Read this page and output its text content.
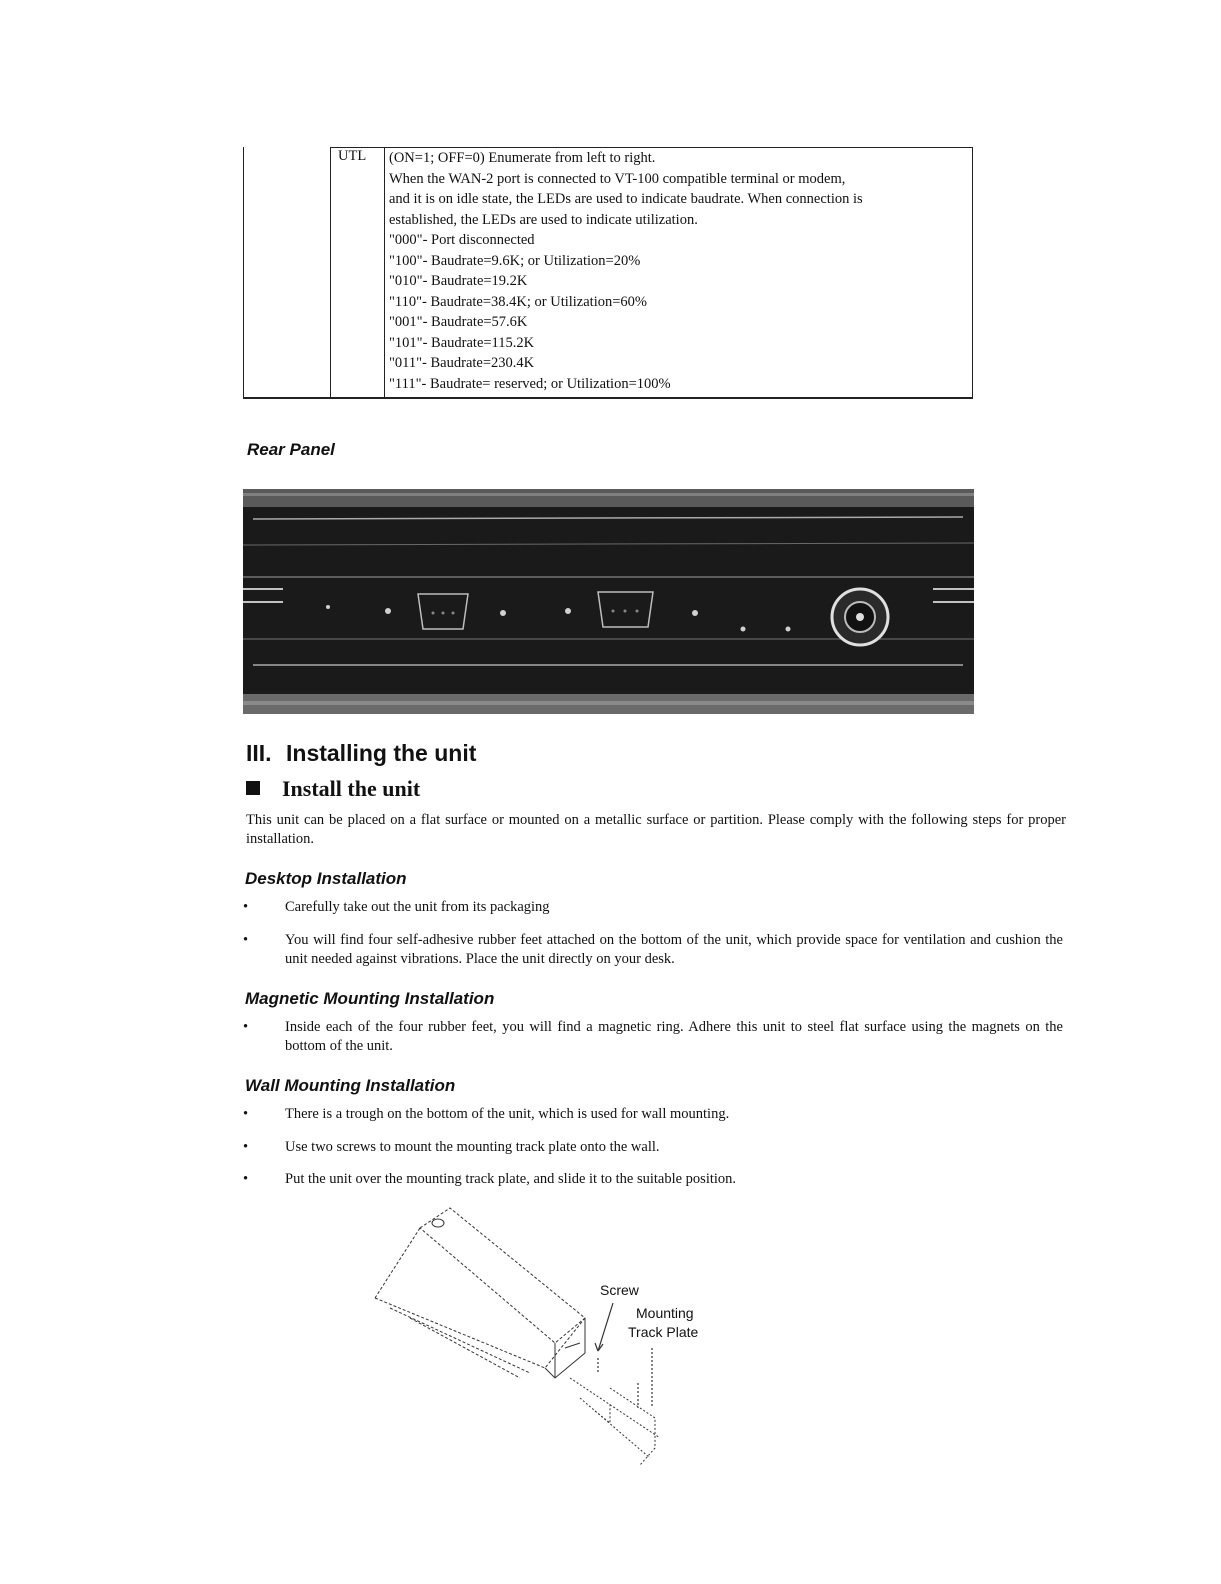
UTL (ON=1; OFF=0) Enumerate from left to right.
When the WAN-2 port is connected to VT-100 compatible terminal or modem,
and it is on idle state, the LEDs are used to indicate baudrate. When connection is
established, the LEDs are used to indicate utilization.
"000"- Port disconnected
"100"- Baudrate=9.6K; or Utilization=20%
"010"- Baudrate=19.2K
"110"- Baudrate=38.4K; or Utilization=60%
"001"- Baudrate=57.6K
"101"- Baudrate=115.2K
"011"- Baudrate=230.4K
"111"- Baudrate= reserved; or Utilization=100%
Rear Panel
III. Installing the unit
Install the unit
This unit can be placed on a flat surface or mounted on a metallic surface or partition. Please comply with the following steps for proper installation.
Desktop Installation
•	Carefully take out the unit from its packaging
•	You will find four self-adhesive rubber feet attached on the bottom of the unit, which provide space for ventilation and cushion the unit needed against vibrations. Place the unit directly on your desk.
Magnetic Mounting Installation
•	Inside each of the four rubber feet, you will find a magnetic ring. Adhere this unit to steel flat surface using the magnets on the bottom of the unit.
Wall Mounting Installation
•	There is a trough on the bottom of the unit, which is used for wall mounting.
•	Use two screws to mount the mounting track plate onto the wall.
•	Put the unit over the mounting track plate, and slide it to the suitable position.
Screw
Mounting
Track Plate
